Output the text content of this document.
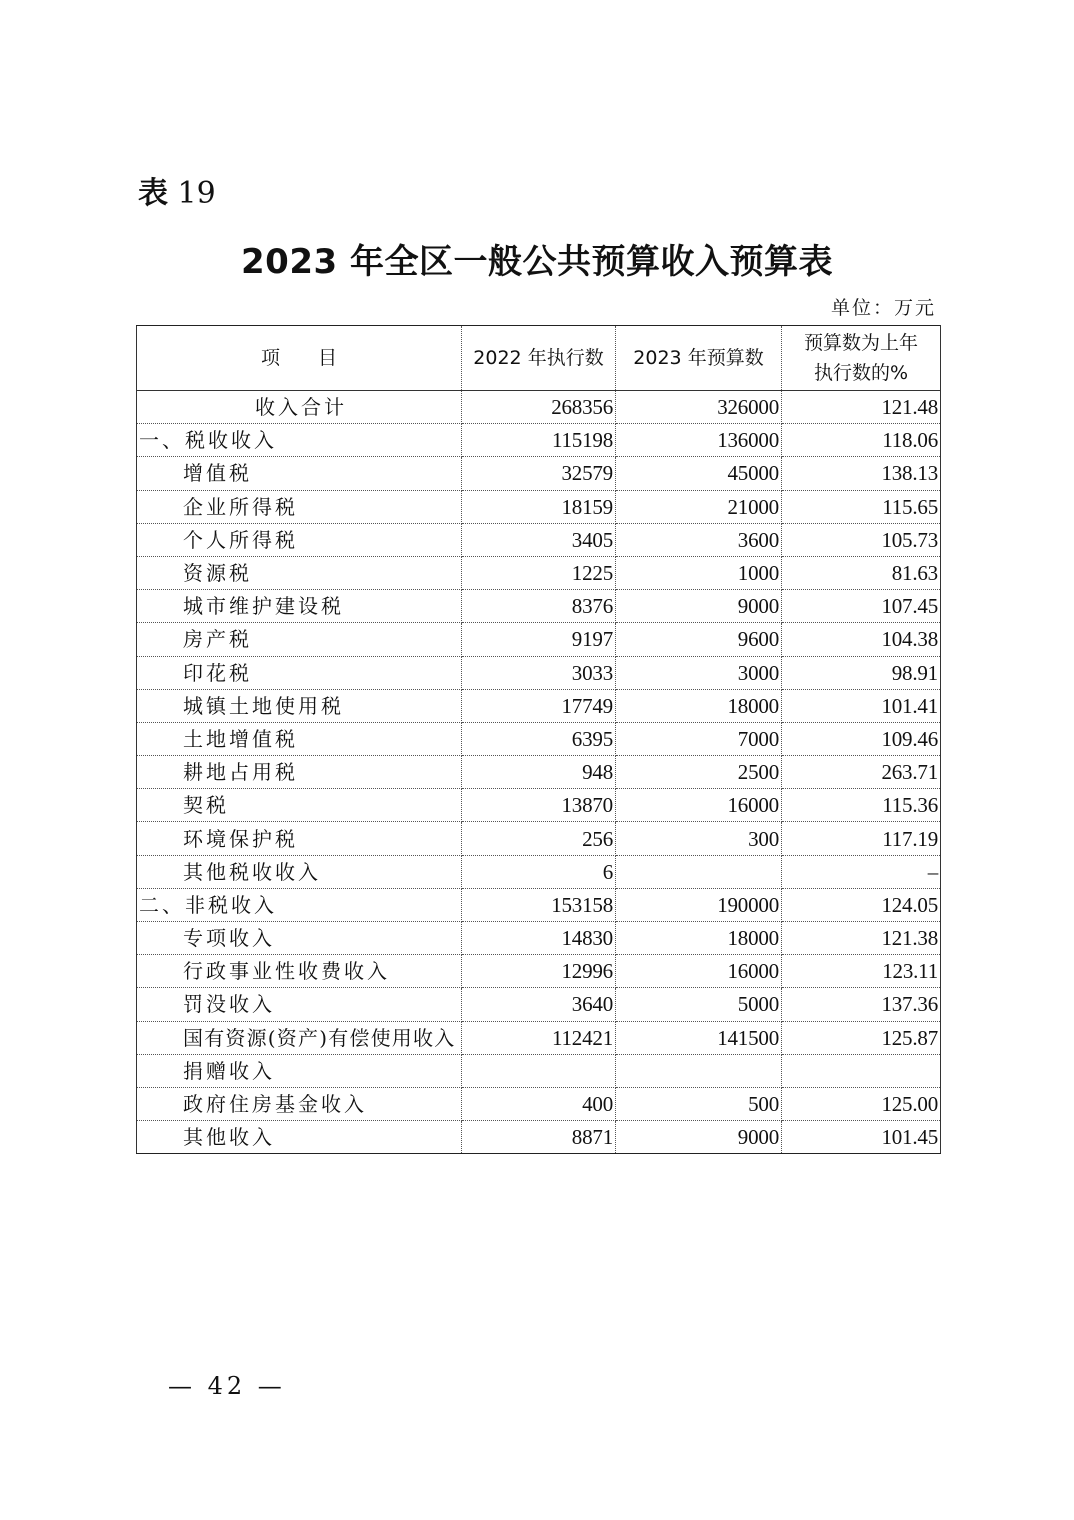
表 19
2023 年全区一般公共预算收入预算表
单位：万元
项目	2022 年执行数	2023 年预算数	预算数为上年
执行数的%

收入合计	268356	326000	121.48
一、税收收入	115198	136000	118.06
增值税	32579	45000	138.13
企业所得税	18159	21000	115.65
个人所得税	3405	3600	105.73
资源税	1225	1000	81.63
城市维护建设税	8376	9000	107.45
房产税	9197	9600	104.38
印花税	3033	3000	98.91
城镇土地使用税	17749	18000	101.41
土地增值税	6395	7000	109.46
耕地占用税	948	2500	263.71
契税	13870	16000	115.36
环境保护税	256	300	117.19
其他税收收入	6		–
二、非税收入	153158	190000	124.05
专项收入	14830	18000	121.38
行政事业性收费收入	12996	16000	123.11
罚没收入	3640	5000	137.36
国有资源(资产)有偿使用收入	112421	141500	125.87
捐赠收入			
政府住房基金收入	400	500	125.00
其他收入	8871	9000	101.45
— 42 —
